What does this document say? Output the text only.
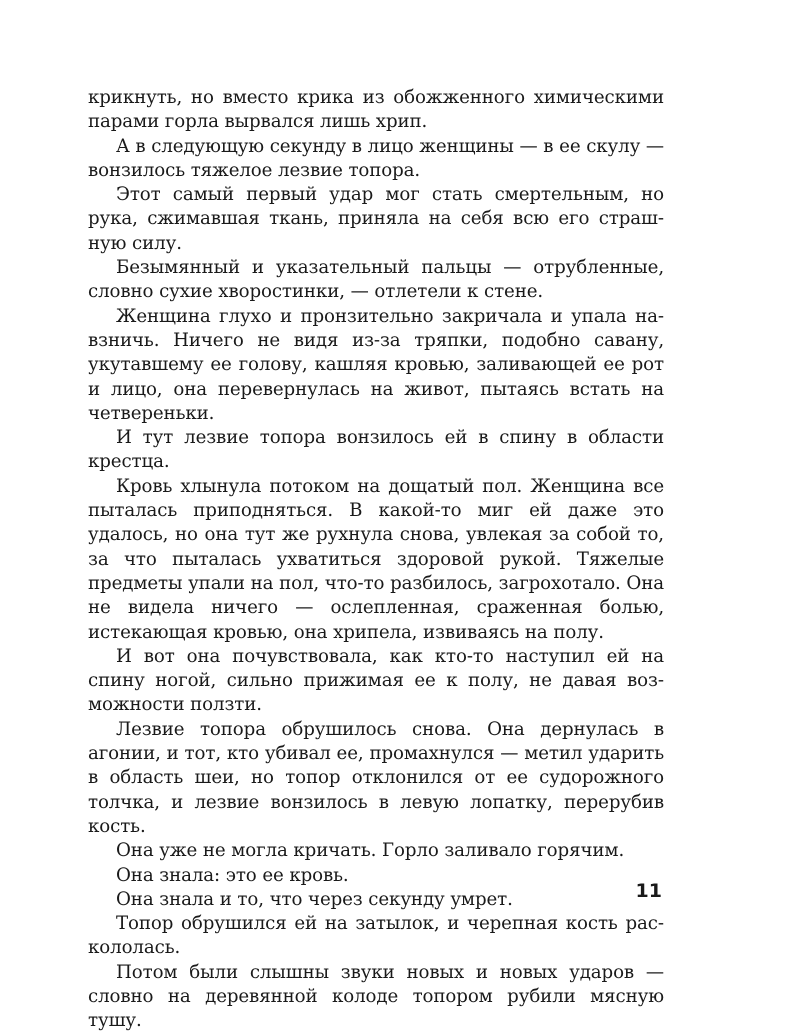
крикнуть, но вместо крика из обожженного химическими парами горла вырвался лишь хрип.

А в следующую секунду в лицо женщины — в ее скулу — вонзилось тяжелое лезвие топора.

Этот самый первый удар мог стать смертельным, но рука, сжимавшая ткань, приняла на себя всю его страшную силу.

Безымянный и указательный пальцы — отрубленные, словно сухие хворостинки, — отлетели к стене.

Женщина глухо и пронзительно закричала и упала навзничь. Ничего не видя из-за тряпки, подобно савану, укутавшему ее голову, кашляя кровью, заливающей ее рот и лицо, она перевернулась на живот, пытаясь встать на четвереньки.

И тут лезвие топора вонзилось ей в спину в области крестца.

Кровь хлынула потоком на дощатый пол. Женщина все пыталась приподняться. В какой-то миг ей даже это удалось, но она тут же рухнула снова, увлекая за собой то, за что пыталась ухватиться здоровой рукой. Тяжелые предметы упали на пол, что-то разбилось, загрохотало. Она не видела ничего — ослепленная, сраженная болью, истекающая кровью, она хрипела, извиваясь на полу.

И вот она почувствовала, как кто-то наступил ей на спину ногой, сильно прижимая ее к полу, не давая возможности ползти.

Лезвие топора обрушилось снова. Она дернулась в агонии, и тот, кто убивал ее, промахнулся — метил ударить в область шеи, но топор отклонился от ее судорожного толчка, и лезвие вонзилось в левую лопатку, перерубив кость.

Она уже не могла кричать. Горло заливало горячим.

Она знала: это ее кровь.

Она знала и то, что через секунду умрет.

Топор обрушился ей на затылок, и черепная кость раскололась.

Потом были слышны звуки новых и новых ударов — словно на деревянной колоде топором рубили мясную тушу.

11
